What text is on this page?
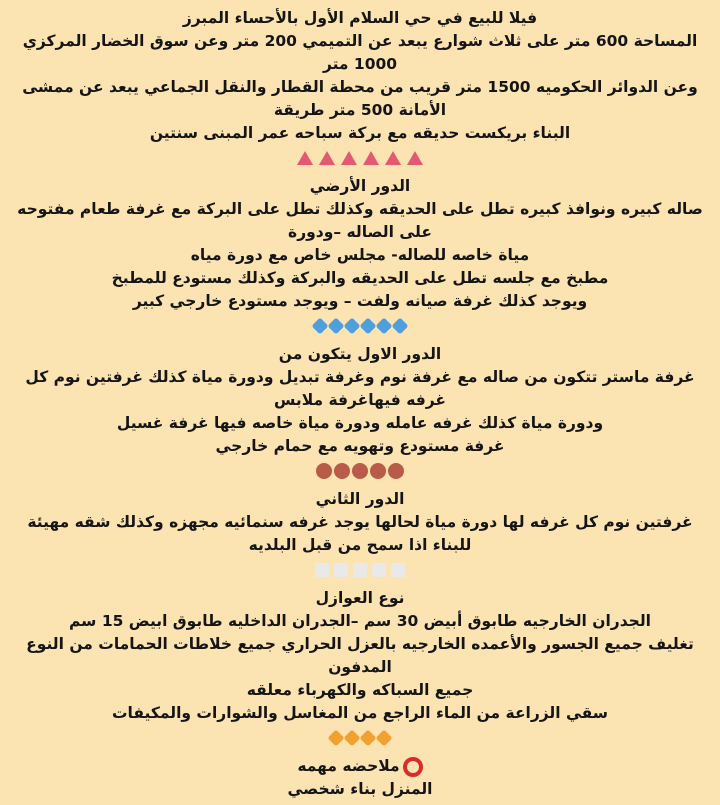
فيلا للبيع في حي السلام الأول بالأحساء المبرز

المساحة 600 متر على ثلاث شوارع يبعد عن التميمي 200 متر وعن سوق الخضار المركزي 1000 متر

وعن الدوائر الحكوميه 1500 متر قريب من محطة القطار والنقل الجماعي يبعد عن ممشى الأمانة 500 متر طريقة

البناء بريكست حديقه مع بركة سباحه عمر المبنى سنتين

الدور الأرضي

صاله كبيره ونوافذ كبيره تطل على الحديقه وكذلك تطل على البركة مع غرفة طعام مفتوحه على الصاله –ودورة

مياة خاصه للصاله- مجلس خاص مع دورة مياه

مطبخ مع جلسه تطل على الحديقه والبركة وكذلك مستودع للمطبخ

ويوجد كذلك غرفة صيانه ولفت – ويوجد مستودع خارجي كبير

الدور الاول يتكون من

غرفة ماستر تتكون من صاله مع غرفة نوم وغرفة تبديل ودورة مياة كذلك غرفتين نوم كل غرفه فيهاغرفة ملابس

ودورة مياة كذلك غرفه عامله ودورة مياة خاصه فيها غرفة غسيل

غرفة مستودع وتهويه مع حمام خارجي

الدور الثاني

غرفتين نوم كل غرفه لها دورة مياة لحالها يوجد غرفه سنمائيه مجهزه وكذلك شقه مهيئة للبناء اذا سمح من قبل البلديه

نوع العوازل

الجدران الخارجيه طابوق أبيض 30 سم –الجدران الداخليه طابوق ابيض 15 سم

تغليف جميع الجسور والأعمده الخارجيه بالعزل الحراري جميع خلاطات الحمامات من النوع المدفون

جميع السباكه والكهرباء معلقه

سقي الزراعة من الماء الراجع من المغاسل والشوارات والمكيفات

ملاحضه مهمه

المنزل بناء شخصي
